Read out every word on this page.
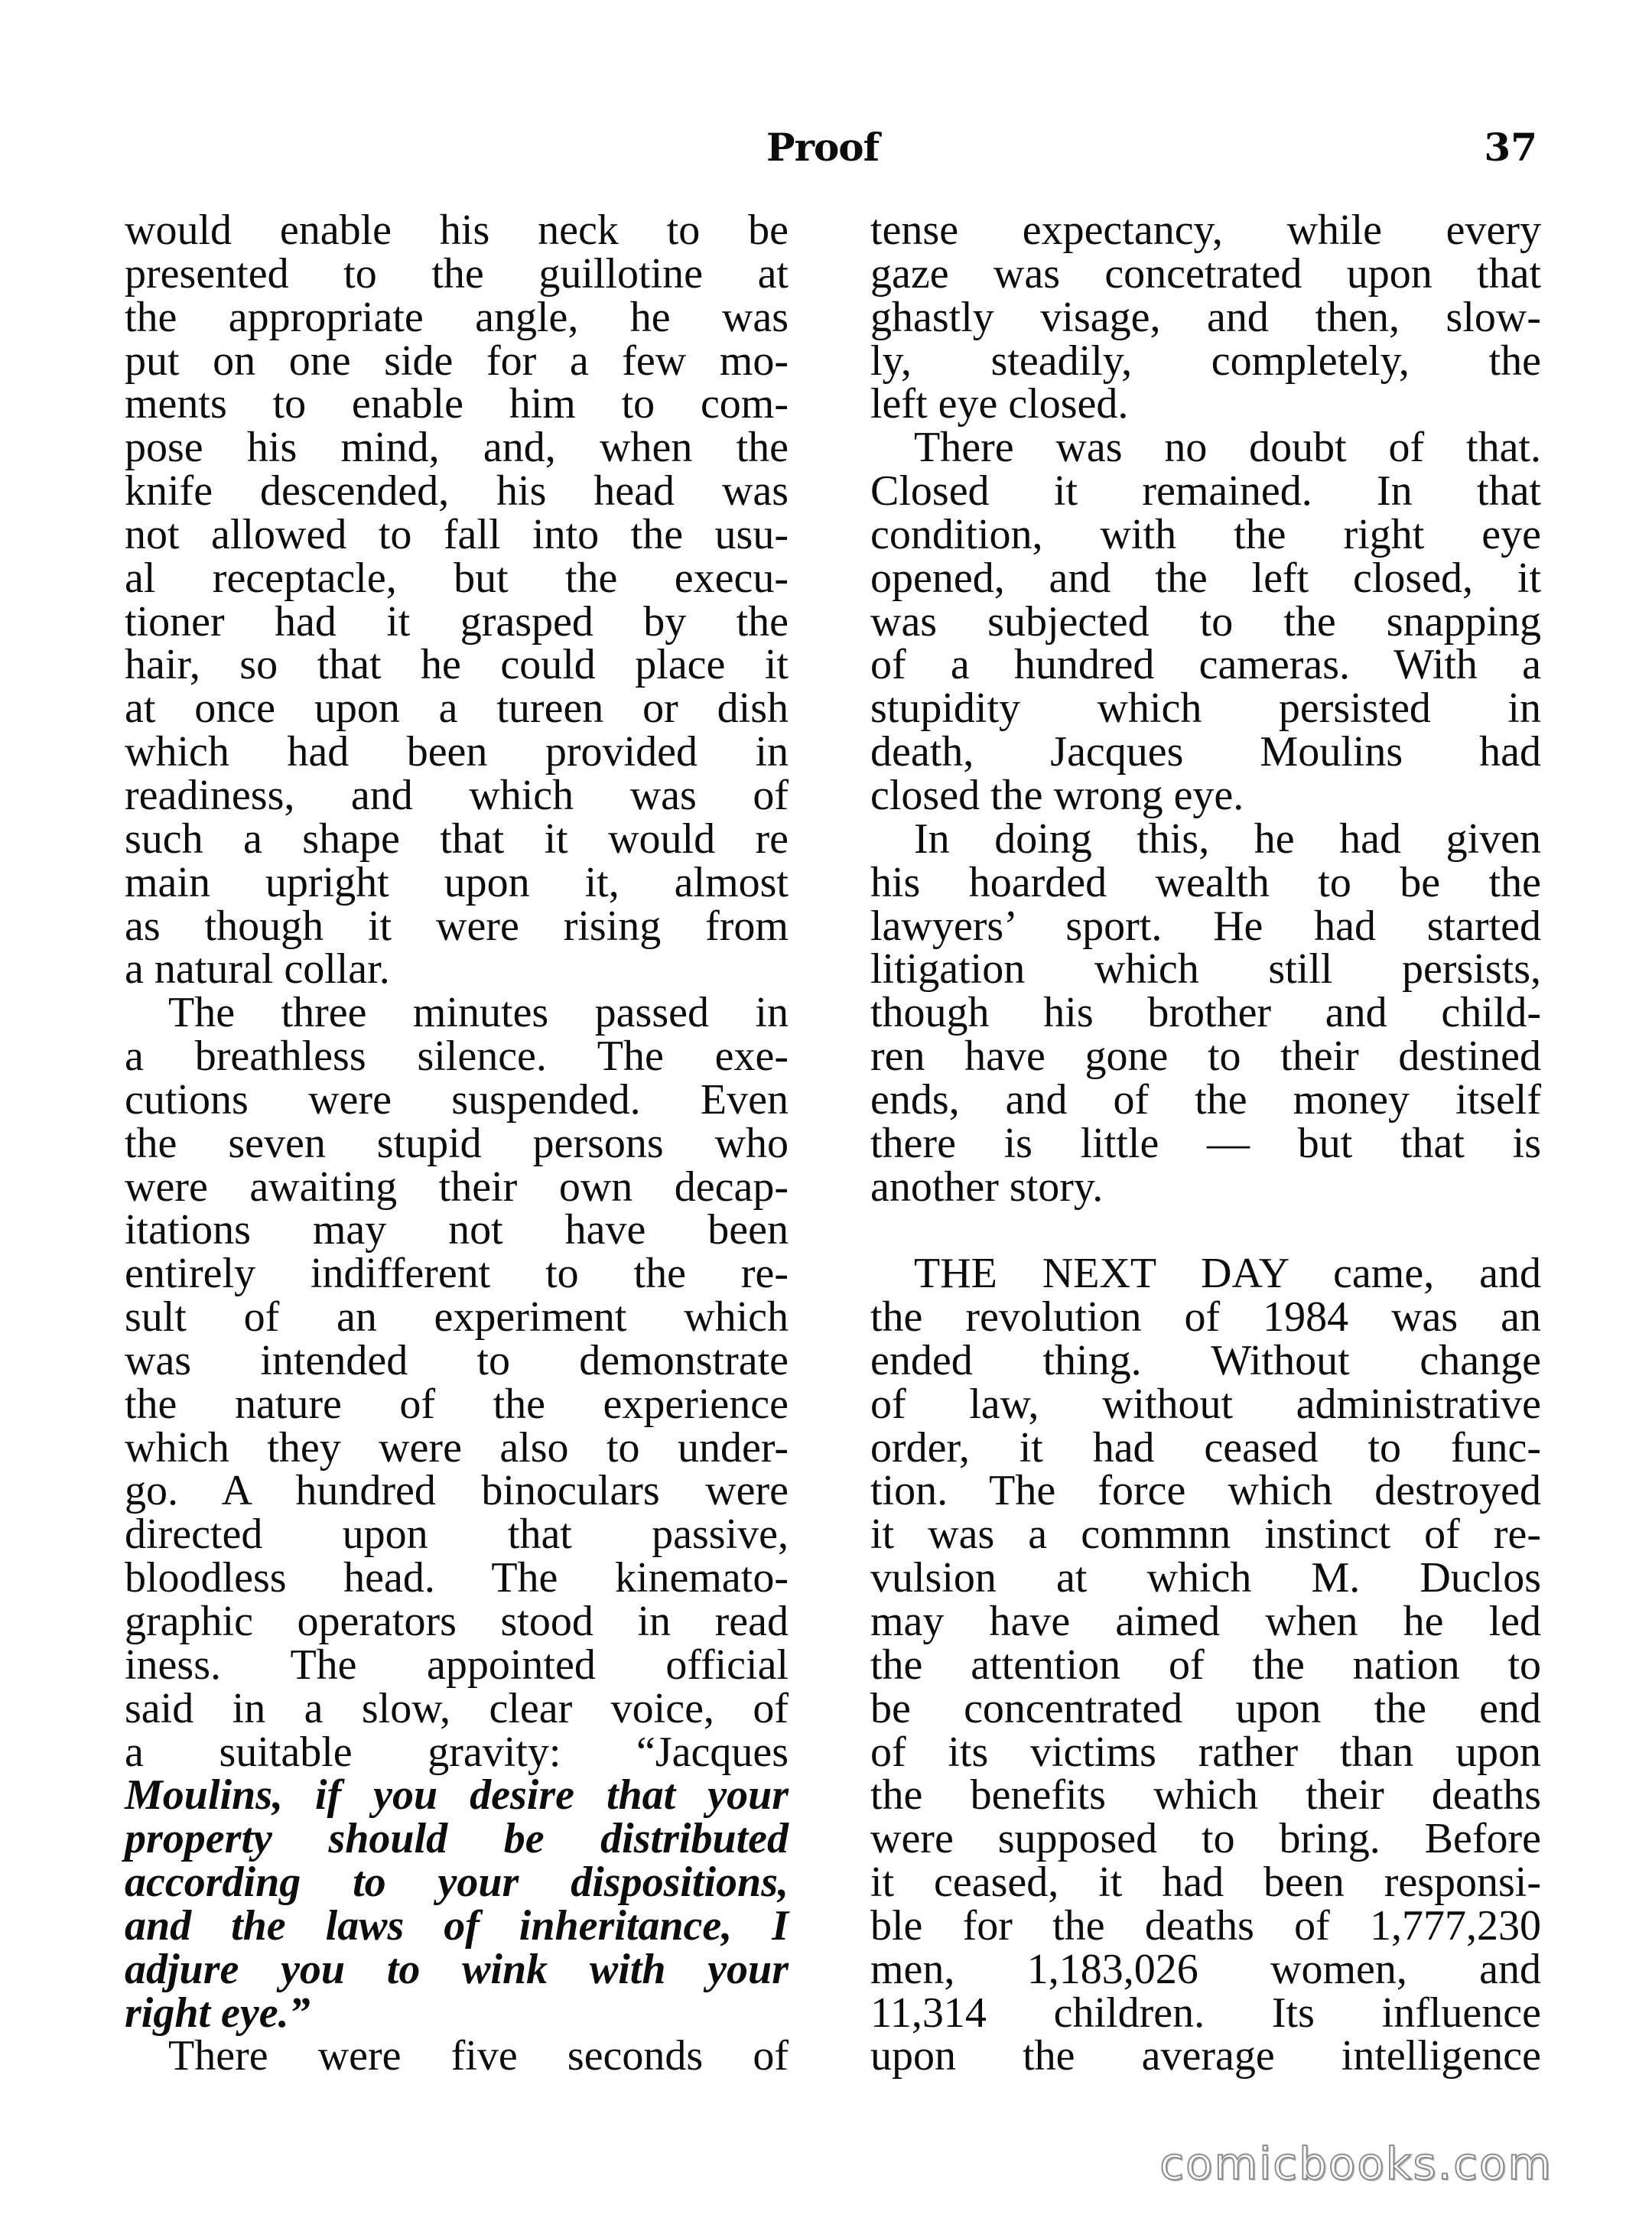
Proof	37
would enable his neck to be
presented to the guillotine at
the appropriate angle, he was
put on one side for a few mo-
ments to enable him to com-
pose his mind, and, when the
knife descended, his head was
not allowed to fall into the usu-
al receptacle, but the execu-
tioner had it grasped by the
hair, so that he could place it
at once upon a tureen or dish
which had been provided in
readiness, and which was of
such a shape that it would re
main upright upon it, almost
as though it were rising from
a natural collar.
The three minutes passed in
a breathless silence. The exe-
cutions were suspended. Even
the seven stupid persons who
were awaiting their own decap-
itations may not have been
entirely indifferent to the re-
sult of an experiment which
was intended to demonstrate
the nature of the experience
which they were also to under-
go. A hundred binoculars were
directed upon that passive,
bloodless head. The kinemato-
graphic operators stood in read
iness. The appointed official
said in a slow, clear voice, of
a suitable gravity: “Jacques
Moulins, if you desire that your
property should be distributed
according to your dispositions,
and the laws of inheritance, I
adjure you to wink with your
right eye.”
There were five seconds of
tense expectancy, while every
gaze was concetrated upon that
ghastly visage, and then, slow-
ly, steadily, completely, the
left eye closed.
There was no doubt of that.
Closed it remained. In that
condition, with the right eye
opened, and the left closed, it
was subjected to the snapping
of a hundred cameras. With a
stupidity which persisted in
death, Jacques Moulins had
closed the wrong eye.
In doing this, he had given
his hoarded wealth to be the
lawyers’ sport. He had started
litigation which still persists,
though his brother and child-
ren have gone to their destined
ends, and of the money itself
there is little — but that is
another story.
THE NEXT DAY came, and
the revolution of 1984 was an
ended thing. Without change
of law, without administrative
order, it had ceased to func-
tion. The force which destroyed
it was a commnn instinct of re-
vulsion at which M. Duclos
may have aimed when he led
the attention of the nation to
be concentrated upon the end
of its victims rather than upon
the benefits which their deaths
were supposed to bring. Before
it ceased, it had been responsi-
ble for the deaths of 1,777,230
men, 1,183,026 women, and
11,314 children. Its influence
upon the average intelligence
comicbooks.com
